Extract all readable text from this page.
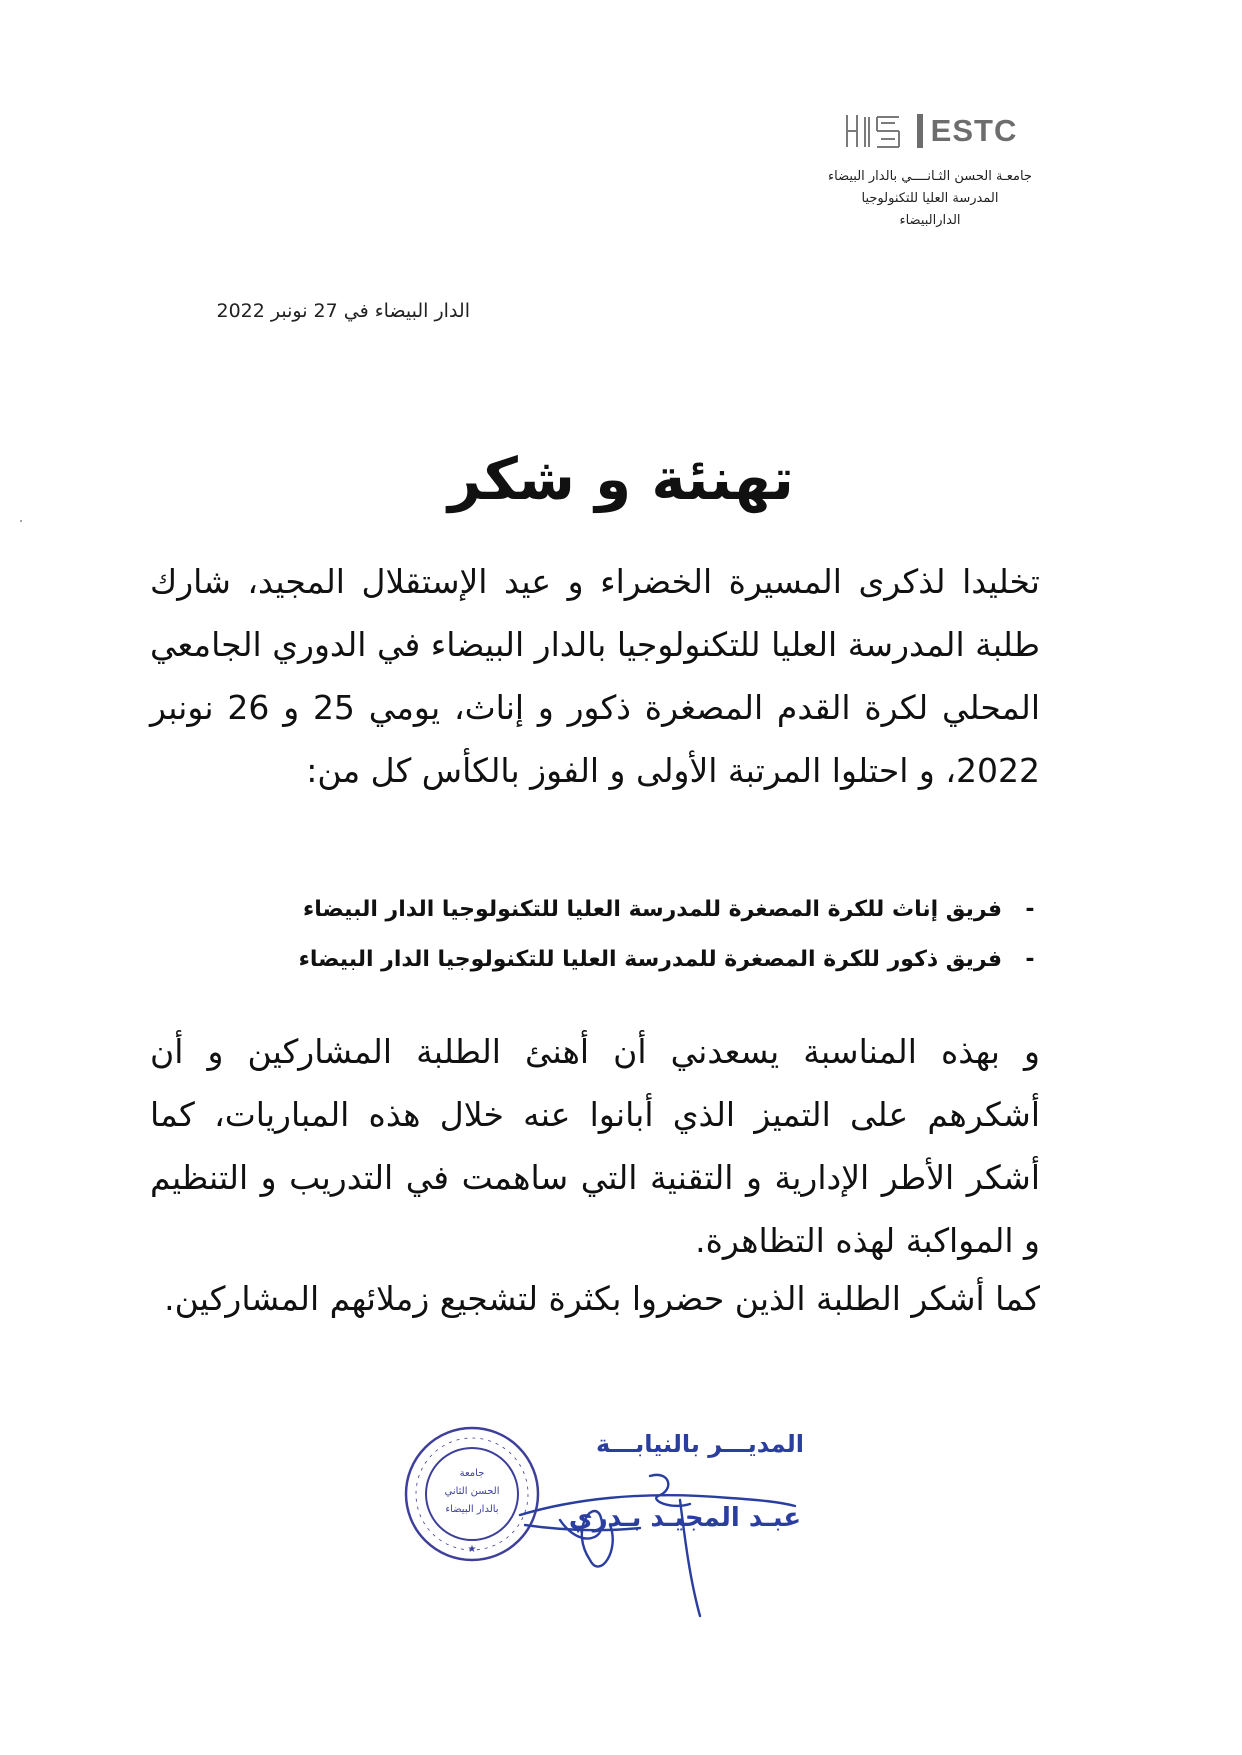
ESTC
جامعـة الحسن الثـانــــي بالدار البيضاء
المدرسة العليا للتكنولوجيا
الدارالبيضاء
الدار البيضاء في 27 نونبر 2022
تهنئة و شكر
تخليدا لذكرى المسيرة الخضراء و عيد الإستقلال المجيد، شارك طلبة المدرسة العليا للتكنولوجيا بالدار البيضاء في الدوري الجامعي المحلي لكرة القدم المصغرة ذكور و إناث، يومي 25 و 26 نونبر 2022، و احتلوا المرتبة الأولى و الفوز بالكأس كل من:
-
فريق إناث للكرة المصغرة للمدرسة العليا للتكنولوجيا الدار البيضاء
-
فريق ذكور للكرة المصغرة للمدرسة العليا للتكنولوجيا الدار البيضاء
و بهذه المناسبة يسعدني أن أهنئ الطلبة المشاركين و أن أشكرهم على التميز الذي أبانوا عنه خلال هذه المباريات، كما أشكر الأطر الإدارية و التقنية التي ساهمت في التدريب و التنظيم و المواكبة لهذه التظاهرة.
كما أشكر الطلبة الذين حضروا بكثرة لتشجيع زملائهم المشاركين.
★
جامعة
الحسن الثاني
بالدار البيضاء
المديـــر بالنيابـــة
عبـد المجيـد بـدري
